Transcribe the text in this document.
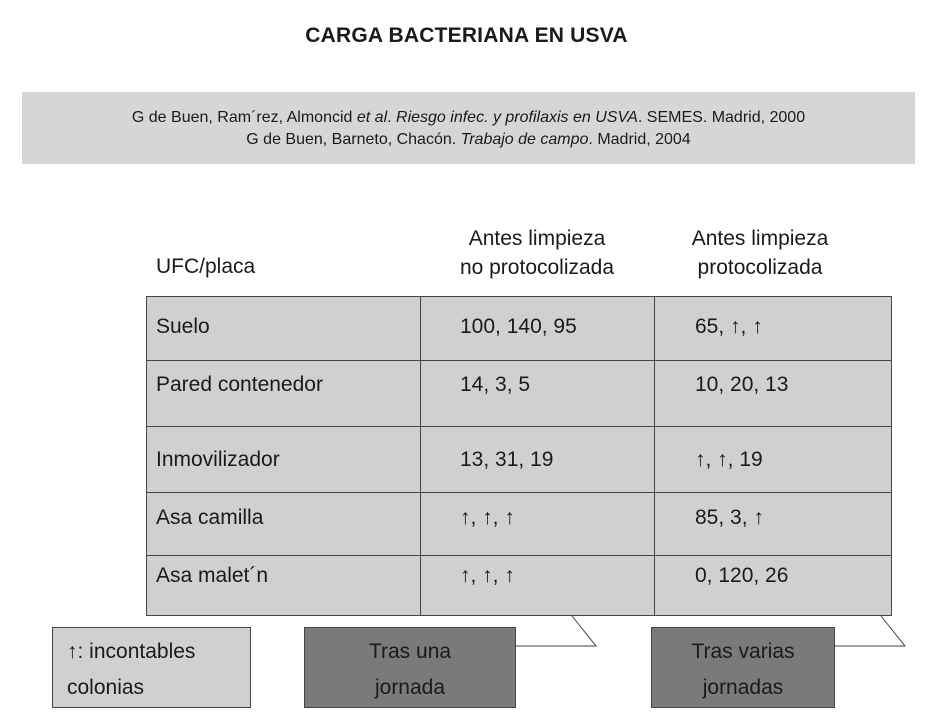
CARGA BACTERIANA EN USVA
G de Buen, Ram´rez, Almoncid et al. Riesgo infec. y profilaxis en USVA. SEMES. Madrid, 2000
G de Buen, Barneto, Chacón. Trabajo de campo. Madrid, 2004
Antes limpieza
no protocolizada
Antes limpieza
protocolizada
UFC/placa
Suelo	100, 140, 95	65, ↑, ↑
Pared contenedor	14, 3, 5	10, 20, 13
Inmovilizador	13, 31, 19	↑, ↑, 19
Asa camilla	↑, ↑, ↑	85, 3, ↑
Asa malet´n	↑, ↑, ↑	0, 120, 26
↑: incontables
colonias
Tras una
jornada
Tras varias
jornadas
